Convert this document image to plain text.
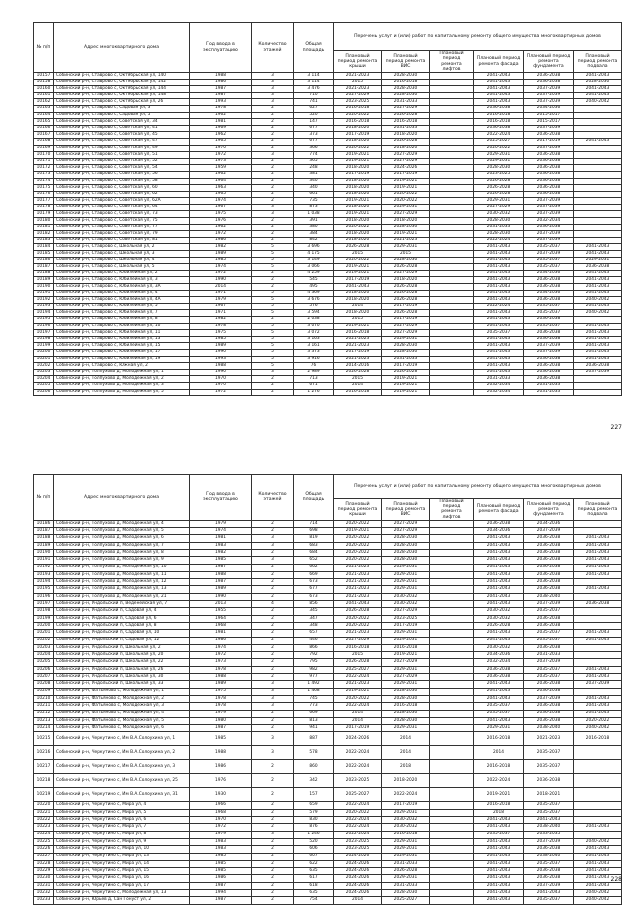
№ п/п	Адрес многоквартирного дома	Год ввода в эксплуатацию	Количество этажей	Общая площадь	Перечень услуг и (или) работ по капитальному ремонту общего имущества многоквартирных домов					
					Плановый период ремонта крыши	Плановый период ремонта ВИС	Плановый период ремонта лифтов	Плановый период ремонта фасада	Плановый период ремонта фундамента	Плановый период ремонта подвала
10157	Собинский р-н, Ставрово с, Октябрьская ул, 140	1988	3	3 114	2021-2023	2028-2030		2041-2043	2036-2038	2041-2043
10158	Собинский р-н, Ставрово с, Октябрьская ул, 142	1986	3	3 114	2015	2016-2018		2041-2043	2036-2038	2028-2030
10160	Собинский р-н, Ставрово с, Октябрьская ул, 144	1987	3	3 476	2021-2023	2028-2030		2041-2043	2037-2039	2041-2043
10161	Собинский р-н, Ставрово с, Октябрьская ул, 148	1987	3	710	2027-2029	2028-2030		2041-2043	2037-2039	2041-2043
10162	Собинский р-н, Ставрово с, Октябрьская ул, 26	1993	3	741	2023-2025	2031-2033		2041-2043	2037-2039	2040-2042
10163	Собинский р-н, Ставрово с, Садовая ул, 3	1978	2	627	2016-2018	2027-2029		2036-2038	2034-2036	
10164	Собинский р-н, Ставрово с, Садовая ул, 5	1962	2	520	2020-2022	2026-2028		2016-2018	2015-2017	
10165	Собинский р-н, Ставрово с, Советская ул, 34	1981	2	147	2016-2018	2016-2018		2016-2018	2015-2017	
10166	Собинский р-н, Ставрово с, Советская ул, 41	1969	2	677	2018-2020	2031-2033		2036-2038	2037-2039	
10167	Собинский р-н, Ставрово с, Советская ул, 45	1962	2	373	2017-2019	2018-2020		2022-2024	2036-2038	
10168	Собинский р-н, Ставрово с, Советская ул, 47	1965	2	677	2018-2020	2026-2028		2025-2027	2017-2019	2041-2043
10169	Собинский р-н, Ставрово с, Советская ул, 49	1970	2	366	2020-2022	2018-2020		2020-2022	2037-2039	
10170	Собинский р-н, Ставрово с, Советская ул, 51	1972	3	774	2019-2021	2027-2029		2029-2031	2036-2038	
10171	Собинский р-н, Ставрово с, Советская ул, 52	1973	2	365	2019-2021	2027-2029		2029-2031	2036-2038	
10172	Собинский р-н, Ставрово с, Советская ул, 54	1959	2	248	2018-2020	2024-2026		2028-2030	2036-2038	
10173	Собинский р-н, Ставрово с, Советская ул, 56	1962	2	381	2017-2019	2017-2019		2023-2025	2036-2038	
10174	Собинский р-н, Ставрово с, Советская ул, 58	1964	2	340	2018-2020	2019-2021		2026-2028	2036-2038	
10175	Собинский р-н, Ставрово с, Советская ул, 60	1963	2	340	2018-2020	2019-2021		2026-2028	2036-2038	
10176	Собинский р-н, Ставрово с, Советская ул, 62	1965	2	661	2018-2020	2020-2022		2026-2028	2036-2038	
10177	Собинский р-н, Ставрово с, Советская ул, 62А	1974	2	735	2019-2021	2020-2022		2029-2031	2037-2039	
10178	Собинский р-н, Ставрово с, Советская ул, 64	1967	3	873	2018-2020	2029-2031		2027-2029	2037-2039	
10179	Собинский р-н, Ставрово с, Советская ул, 73	1975	3	1 038	2019-2021	2027-2029		2030-2032	2037-2039	
10180	Собинский р-н, Ставрово с, Советская ул, 75	1976	2	391	2018-2020	2018-2020		2028-2030	2032-2034	
10181	Собинский р-н, Ставрово с, Советская ул, 77	1962	2	380	2020-2022	2028-2030		2031-2033	2036-2038	
10182	Собинский р-н, Ставрово с, Советская ул, 79	1972	2	384	2018-2020	2019-2021		2028-2030	2037-2039	
10183	Собинский р-н, Ставрово с, Советская ул, 81	1986	2	842	2018-2020	2021-2023		2022-2024	2037-2039	
10184	Собинский р-н, Ставрово с, Школьная ул, 2	1982	5	3 696	2026-2028	2029-2031		2041-2043	2035-2037	2041-2043
10185	Собинский р-н, Ставрово с, Школьная ул, 3	1989	5	4 175	2015	2015		2041-2043	2037-2039	2041-2043
10186	Собинский р-н, Ставрово с, Школьная ул, 4	1985	5	3 149	2020-2022	2028-2030		2041-2043	2035-2037	2029-2031
10187	Собинский р-н, Ставрово с, Школьная ул, 5	1974	5	3 066	2019-2021	2026-2028		2041-2043	2035-2037	2036-2038
10188	Собинский р-н, Ставрово с, Юбилейная ул, 2	1972	2	4 259	2019-2021	2027-2029		2041-2043	2034-2036	2041-2043
10189	Собинский р-н, Ставрово с, Юбилейная ул, 3	1990	2	545	2017-2019	2018-2020		2041-2043	2036-2038	2041-2043
10190	Собинский р-н, Ставрово с, Юбилейная ул, 3А	2014	2	495	2041-2043	2026-2028		2041-2043	2036-2038	2041-2043
10191	Собинский р-н, Ставрово с, Юбилейная ул, 4	1971	5	4 369	2018-2020	2026-2028		2041-2043	2034-2036	2041-2043
10192	Собинский р-н, Ставрово с, Юбилейная ул, 4А	1979	5	3 676	2018-2020	2026-2028		2041-2043	2036-2038	2040-2042
10193	Собинский р-н, Ставрово с, Юбилейная ул, 5	1967	5	576	2014	2017-2019		2022-2024	2035-2037	2041-2043
10194	Собинский р-н, Ставрово с, Юбилейная ул, 7	1971	5	3 594	2018-2020	2026-2028		2041-2043	2035-2037	2040-2042
10195	Собинский р-н, Ставрово с, Юбилейная ул, 8	1982	2	2 038	2015	2017-2019		2041-2043	2036-2038	
10196	Собинский р-н, Ставрово с, Юбилейная ул, 10	1978	5	3 070	2019-2021	2027-2029		2041-2043	2035-2037	2041-2043
10197	Собинский р-н, Ставрово с, Юбилейная ул, 11	1975	5	3 072	2016-2018	2027-2029		2035-2037	2036-2038	2041-2043
10198	Собинский р-н, Ставрово с, Юбилейная ул, 13	1985	5	3 163	2021-2023	2029-2031		2041-2043	2036-2038	2041-2043
10199	Собинский р-н, Ставрово с, Юбилейная ул, 15	1989	5	3 161	2021-2023	2028-2030		2041-2043	2037-2039	2041-2043
10200	Собинский р-н, Ставрово с, Юбилейная ул, 17	1990	5	3 373	2017-2019	2028-2030		2041-2043	2037-2039	2041-2043
10201	Собинский р-н, Ставрово с, Юбилейная ул, 19	1993	5	3 916	2021-2023	2031-2033		2041-2043	2036-2038	2041-2043
10202	Собинский р-н, Ставрово с, Южная ул, 2	1988	5	76	2014-2016	2017-2019		2041-2043	2036-2038	2036-2038
10203	Собинский р-н, Толпухово д, Молодежная ул, 1	1990	3	2 989	2026-2028	2026-2028		2041-2043	2036-2038	2037-2039
10204	Собинский р-н, Толпухово д, Молодежная ул, 2	1970	2	713	2015	2019-2021		2031-2033	2036-2038	
10205	Собинский р-н, Толпухово д, Молодежная ул, 3	1970	2	671	2014	2019-2021		2032-2034	2031-2033	
10206	Собинский р-н, Толпухово д, Молодежная ул, 5	1972	2	1 276	2016-2018	2019-2021		2032-2034	2031-2033	
227
№ п/п	Адрес многоквартирного дома	Год ввода в эксплуатацию	Количество этажей	Общая площадь	Перечень услуг и (или) работ по капитальному ремонту общего имущества многоквартирных домов					
					Плановый период ремонта крыши	Плановый период ремонта ВИС	Плановый период ремонта лифтов	Плановый период ремонта фасада	Плановый период ремонта фундамента	Плановый период ремонта подвала
10186	Собинский р-н, Толпухово д, Молодежная ул, 4	1979	2	714	2020-2022	2027-2029		2036-2038	2034-2036	
10187	Собинский р-н, Толпухово д, Молодежная ул, 5	1974	2	698	2019-2021	2027-2029		2034-2036	2037-2039	
10188	Собинский р-н, Толпухово д, Молодежная ул, 6	1981	3	819	2020-2022	2028-2030		2041-2043	2036-2038	2041-2043
10189	Собинский р-н, Толпухово д, Молодежная ул, 7	1983	3	683	2020-2022	2028-2030		2041-2043	2036-2038	2041-2043
10190	Собинский р-н, Толпухово д, Молодежная ул, 8	1982	2	684	2020-2022	2028-2030		2041-2043	2036-2038	2041-2043
10191	Собинский р-н, Толпухово д, Молодежная ул, 9	1985	3	652	2020-2022	2028-2030		2041-2043	2036-2038	2041-2043
10192	Собинский р-н, Толпухово д, Молодежная ул, 10	1987	2	662	2021-2023	2029-2031		2041-2043	2036-2038	2041-2043
10193	Собинский р-н, Толпухово д, Молодежная ул, 11	1988	2	669	2021-2023	2029-2031		2041-2043	2036-2038	2041-2043
10194	Собинский р-н, Толпухово д, Молодежная ул, 12	1987	2	673	2021-2023	2029-2031		2041-2043	2036-2038	
10195	Собинский р-н, Толпухово д, Молодежная ул, 13	1989	2	677	2021-2023	2029-2031		2041-2043	2036-2038	2041-2043
10196	Собинский р-н, Толпухово д, Молодежная ул, 21	1990	2	673	2021-2023	2030-2032		2041-2043	2038-2040	
10197	Собинский р-н, Ундольский п, Веденейская ул, 7	2013	4	856	2041-2043	2030-2032		2041-2043	2037-2039	2036-2038
10198	Собинский р-н, Ундольский п, Садовая ул, 4	1955	2	345	2026-2028	2027-2029		2030-2032	2035-2037	
10199	Собинский р-н, Ундольский п, Садовая ул, 6	1964	2	347	2020-2022	2023-2025		2030-2032	2036-2038	
10200	Собинский р-н, Ундольский п, Садовая ул, 8	1968	2	348	2020-2022	2017-2019		2026-2028	2036-2038	
10201	Собинский р-н, Ундольский п, Садовая ул, 10	1981	2	657	2021-2023	2029-2031		2041-2043	2035-2037	2041-2043
10202	Собинский р-н, Ундольский п, Садовая ул, 12	1986	2	446	2027-2029	2029-2031		2041-2043	2035-2037	2041-2043
10203	Собинский р-н, Ундольский п, Школьная ул, 2	1974	2	866	2016-2018	2016-2018		2030-2032	2036-2038	
10204	Собинский р-н, Ундольский п, Школьная ул, 20	1972	2	792	2015	2019-2021		2034-2036	2031-2033	
10205	Собинский р-н, Ундольский п, Школьная ул, 22	1973	2	795	2026-2028	2027-2029		2032-2034	2037-2039	
10206	Собинский р-н, Ундольский п, Школьная ул, 26	1978	2	982	2025-2027	2029-2031		2036-2038	2035-2037	2041-2043
10207	Собинский р-н, Ундольский п, Школьная ул, 30	1988	2	977	2022-2024	2027-2029		2036-2038	2035-2037	2041-2043
10208	Собинский р-н, Ундольский п, Школьная ул, 33	1989	3	1 492	2021-2023	2029-2031		2041-2043	2036-2038	2037-2039
10209	Собинский р-н, Фатьяново с, Молодежная ул, 1	1975	3	1 468	2019-2021	2028-2030		2041-2043	2036-2038	
10210	Собинский р-н, Фатьяново с, Молодежная ул, 2	1978	3	745	2020-2022	2028-2030		2041-2043	2037-2039	2041-2043
10211	Собинский р-н, Фатьяново с, Молодежная ул, 3	1978	3	773	2022-2024	2016-2018		2035-2037	2036-2038	2041-2043
10212	Собинский р-н, Фатьяново с, Молодежная ул, 4	1979	2	669	2014	2028-2030		2035-2037	2036-2038	2041-2043
10213	Собинский р-н, Фатьяново с, Молодежная ул, 5	1980	2	813	2014	2028-2030		2041-2043	2036-2038	2020-2022
10214	Собинский р-н, Фатьяново с, Молодежная ул, 6	1987	2	941	2017-2019	2029-2031		2029-2031	2038-2040	2040-2042
10215	Собинский р-н, Черкутино с, Им В.А.Солоухина ул, 1	1985	3	887	2024-2026	2014		2016-2018	2021-2023	2016-2018
10216	Собинский р-н, Черкутино с, Им В.А.Солоухина ул, 2	1988	3	578	2022-2024	2014		2014	2035-2037	
10217	Собинский р-н, Черкутино с, Им В.А.Солоухина ул, 3	1986	2	860	2022-2024	2018		2016-2018	2035-2037	
10218	Собинский р-н, Черкутино с, Им В.А.Солоухина ул, 25	1976	2	342	2023-2025	2018-2020		2022-2024	2036-2038	
10219	Собинский р-н, Черкутино с, Им В.А.Солоухина ул, 31	1930	2	157	2025-2027	2022-2024		2019-2021	2018-2021	
10220	Собинский р-н, Черкутино с, Мира ул, 4	1966	2	659	2022-2024	2017-2019		2016-2018	2035-2037	
10221	Собинский р-н, Черкутино с, Мира ул, 5	1968	2	579	2020-2022	2029-2031		2018	2035-2037	
10222	Собинский р-н, Черкутино с, Мира ул, 6	1970	2	830	2022-2024	2030-2032		2041-2043	2041-2043	
10223	Собинский р-н, Черкутино с, Мира ул, 7	1972	2	876	2022-2024	2030-2032		2041-2043	2038-2040	2041-2043
10224	Собинский р-н, Черкутино с, Мира ул, 8	1979	3	1 246	2022-2024	2016-2018		2035-2037	2033-2035	
10225	Собинский р-н, Черкутино с, Мира ул, 9	1983	2	520	2023-2025	2029-2031		2041-2043	2037-2039	2040-2042
10226	Собинский р-н, Черкутино с, Мира ул, 10	1983	2	606	2023-2025	2029-2031		2041-2043	2036-2038	2041-2043
10227	Собинский р-н, Черкутино с, Мира ул, 13	1985	2	607	2024-2026	2029-2031		2041-2043	2038-2040	2041-2043
10228	Собинский р-н, Черкутино с, Мира ул, 14	1985	2	622	2024-2026	2031-2033		2041-2043	2035-2037	2041-2043
10229	Собинский р-н, Черкутино с, Мира ул, 15	1985	2	635	2024-2026	2026-2028		2041-2043	2036-2038	2041-2043
10230	Собинский р-н, Черкутино с, Мира ул, 16	1986	2	617	2024-2026	2029-2031		2041-2043	2036-2038	2041-2043
10231	Собинский р-н, Черкутино с, Мира ул, 17	1987	2	618	2024-2026	2031-2033		2041-2043	2037-2039	2041-2043
10232	Собинский р-н, Черкутино с, Молодежная ул, 13	1994	2	635	2024-2026	2028-2030		2041-2043	2041-2043	2040-2042
10233	Собинский р-н, Юрьев д, Сан Гонуст ул, 2	1987	2	754	2014	2025-2027		2041-2043	2035-2037	2040-2042
228
